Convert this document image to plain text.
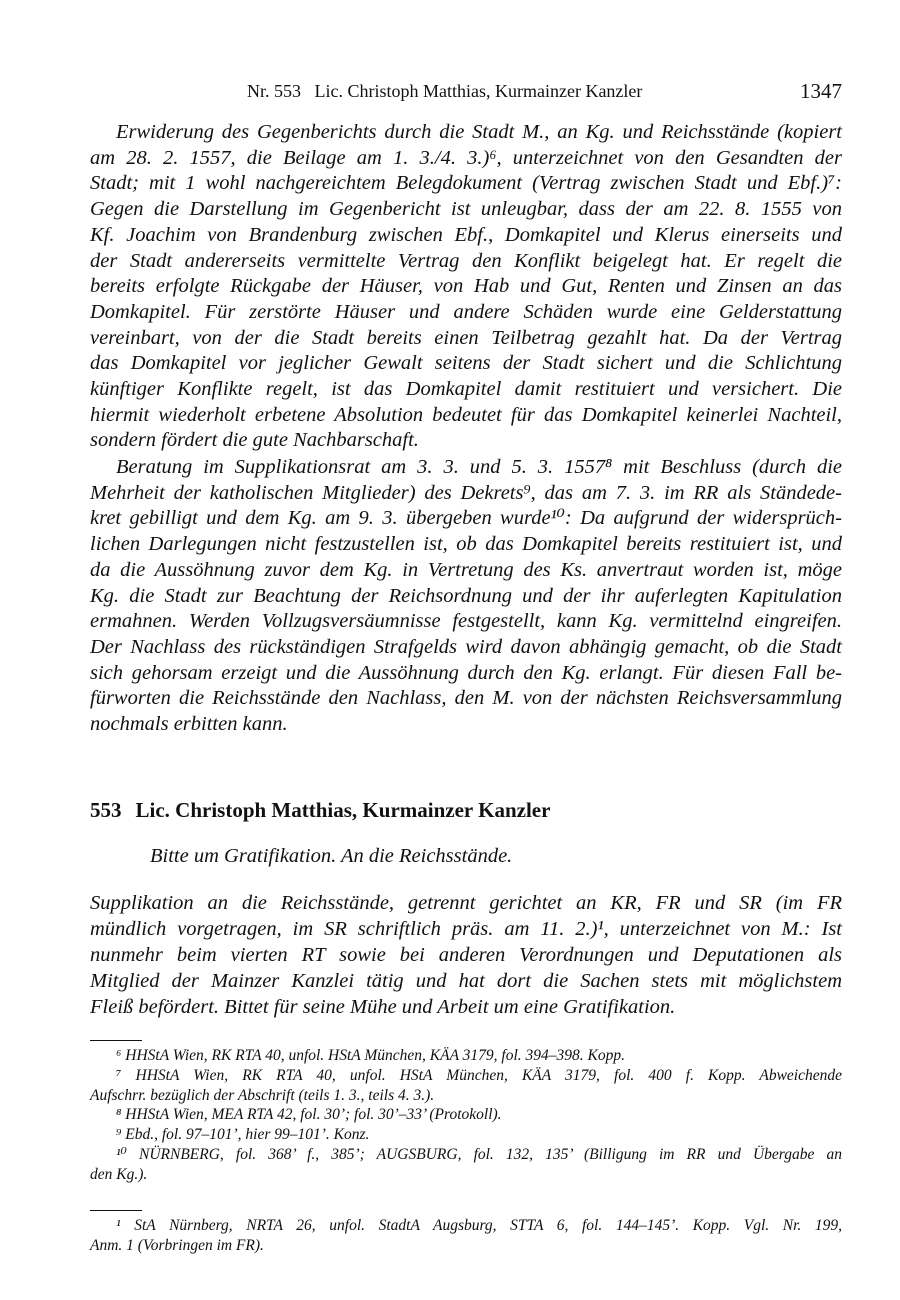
Nr. 553   Lic. Christoph Matthias, Kurmainzer Kanzler	1347
Erwiderung des Gegenberichts durch die Stadt M., an Kg. und Reichsstände (kopiert
am 28. 2. 1557, die Beilage am 1. 3./4. 3.)⁶, unterzeichnet von den Gesandten der
Stadt; mit 1 wohl nachgereichtem Belegdokument (Vertrag zwischen Stadt und Ebf.)⁷:
Gegen die Darstellung im Gegenbericht ist unleugbar, dass der am 22. 8. 1555 von
Kf. Joachim von Brandenburg zwischen Ebf., Domkapitel und Klerus einerseits und
der Stadt andererseits vermittelte Vertrag den Konflikt beigelegt hat. Er regelt die
bereits erfolgte Rückgabe der Häuser, von Hab und Gut, Renten und Zinsen an das
Domkapitel. Für zerstörte Häuser und andere Schäden wurde eine Gelderstattung
vereinbart, von der die Stadt bereits einen Teilbetrag gezahlt hat. Da der Vertrag
das Domkapitel vor jeglicher Gewalt seitens der Stadt sichert und die Schlichtung
künftiger Konflikte regelt, ist das Domkapitel damit restituiert und versichert. Die
hiermit wiederholt erbetene Absolution bedeutet für das Domkapitel keinerlei Nachteil,
sondern fördert die gute Nachbarschaft.
Beratung im Supplikationsrat am 3. 3. und 5. 3. 1557⁸ mit Beschluss (durch die
Mehrheit der katholischen Mitglieder) des Dekrets⁹, das am 7. 3. im RR als Ständede-
kret gebilligt und dem Kg. am 9. 3. übergeben wurde¹⁰: Da aufgrund der widersprüch-
lichen Darlegungen nicht festzustellen ist, ob das Domkapitel bereits restituiert ist, und
da die Aussöhnung zuvor dem Kg. in Vertretung des Ks. anvertraut worden ist, möge
Kg. die Stadt zur Beachtung der Reichsordnung und der ihr auferlegten Kapitulation
ermahnen. Werden Vollzugsversäumnisse festgestellt, kann Kg. vermittelnd eingreifen.
Der Nachlass des rückständigen Strafgelds wird davon abhängig gemacht, ob die Stadt
sich gehorsam erzeigt und die Aussöhnung durch den Kg. erlangt. Für diesen Fall be-
fürworten die Reichsstände den Nachlass, den M. von der nächsten Reichsversammlung
nochmals erbitten kann.
553 Lic. Christoph Matthias, Kurmainzer Kanzler
Bitte um Gratifikation. An die Reichsstände.
Supplikation an die Reichsstände, getrennt gerichtet an KR, FR und SR (im FR
mündlich vorgetragen, im SR schriftlich präs. am 11. 2.)¹, unterzeichnet von M.: Ist
nunmehr beim vierten RT sowie bei anderen Verordnungen und Deputationen als
Mitglied der Mainzer Kanzlei tätig und hat dort die Sachen stets mit möglichstem
Fleiß befördert. Bittet für seine Mühe und Arbeit um eine Gratifikation.
⁶ HHStA Wien, RK RTA 40, unfol. HStA München, KÄA 3179, fol. 394–398. Kopp.
⁷ HHStA Wien, RK RTA 40, unfol. HStA München, KÄA 3179, fol. 400 f. Kopp. Abweichende
Aufschrr. bezüglich der Abschrift (teils 1. 3., teils 4. 3.).
⁸ HHStA Wien, MEA RTA 42, fol. 30’; fol. 30’–33’ (Protokoll).
⁹ Ebd., fol. 97–101’, hier 99–101’. Konz.
¹⁰ NÜRNBERG, fol. 368’ f., 385’; AUGSBURG, fol. 132, 135’ (Billigung im RR und Übergabe an
den Kg.).
¹ StA Nürnberg, NRTA 26, unfol. StadtA Augsburg, STTA 6, fol. 144–145’. Kopp. Vgl. Nr. 199,
Anm. 1 (Vorbringen im FR).
